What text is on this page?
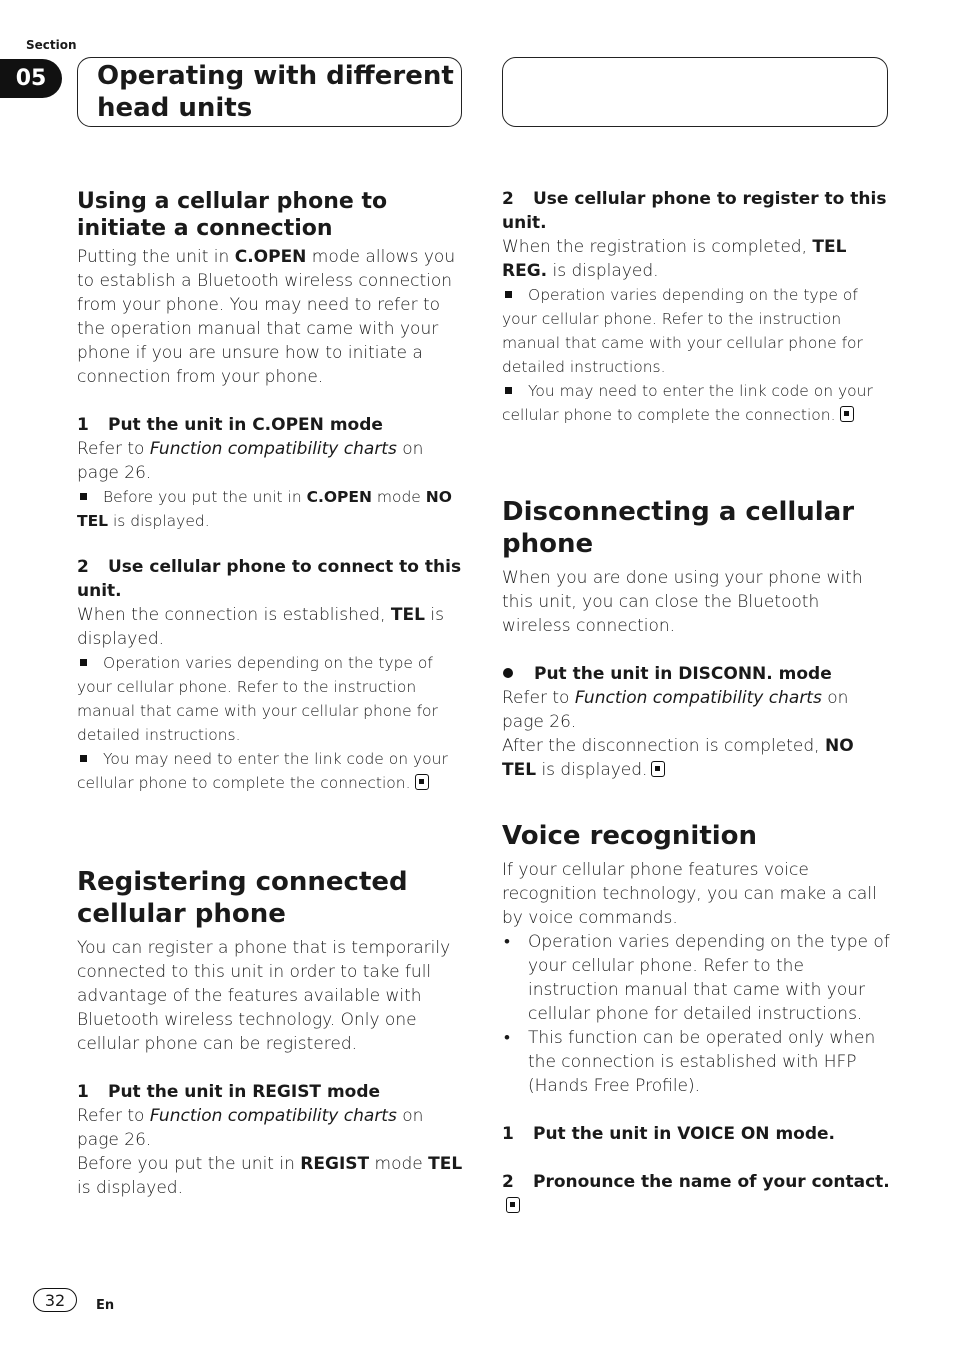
Section
05	Operating with different
head units
Using a cellular phone to
initiate a connection

Putting the unit in C.OPEN mode allows you to establish a Bluetooth wireless connection from your phone. You may need to refer to the operation manual that came with your phone if you are unsure how to initiate a connection from your phone.

1 Put the unit in C.OPEN mode

Refer to Function compatibility charts on page 26.

Before you put the unit in C.OPEN mode NO TEL is displayed.

2 Use cellular phone to connect to this unit.

When the connection is established, TEL is displayed.

Operation varies depending on the type of your cellular phone. Refer to the instruction manual that came with your cellular phone for detailed instructions.

You may need to enter the link code on your cellular phone to complete the connection.

Registering connected
cellular phone

You can register a phone that is temporarily connected to this unit in order to take full advantage of the features available with Bluetooth wireless technology. Only one cellular phone can be registered.

1 Put the unit in REGIST mode

Refer to Function compatibility charts on page 26.

Before you put the unit in REGIST mode TEL is displayed.

2 Use cellular phone to register to this unit.

When the registration is completed, TEL REG. is displayed.

Operation varies depending on the type of your cellular phone. Refer to the instruction manual that came with your cellular phone for detailed instructions.

You may need to enter the link code on your cellular phone to complete the connection.

Disconnecting a cellular phone

When you are done using your phone with this unit, you can close the Bluetooth wireless connection.

Put the unit in DISCONN. mode

Refer to Function compatibility charts on page 26.

After the disconnection is completed, NO TEL is displayed.

Voice recognition

If your cellular phone features voice recognition technology, you can make a call by voice commands.

• Operation varies depending on the type of your cellular phone. Refer to the instruction manual that came with your cellular phone for detailed instructions.

• This function can be operated only when the connection is established with HFP (Hands Free Profile).

1 Put the unit in VOICE ON mode.

2 Pronounce the name of your contact.

32	En
